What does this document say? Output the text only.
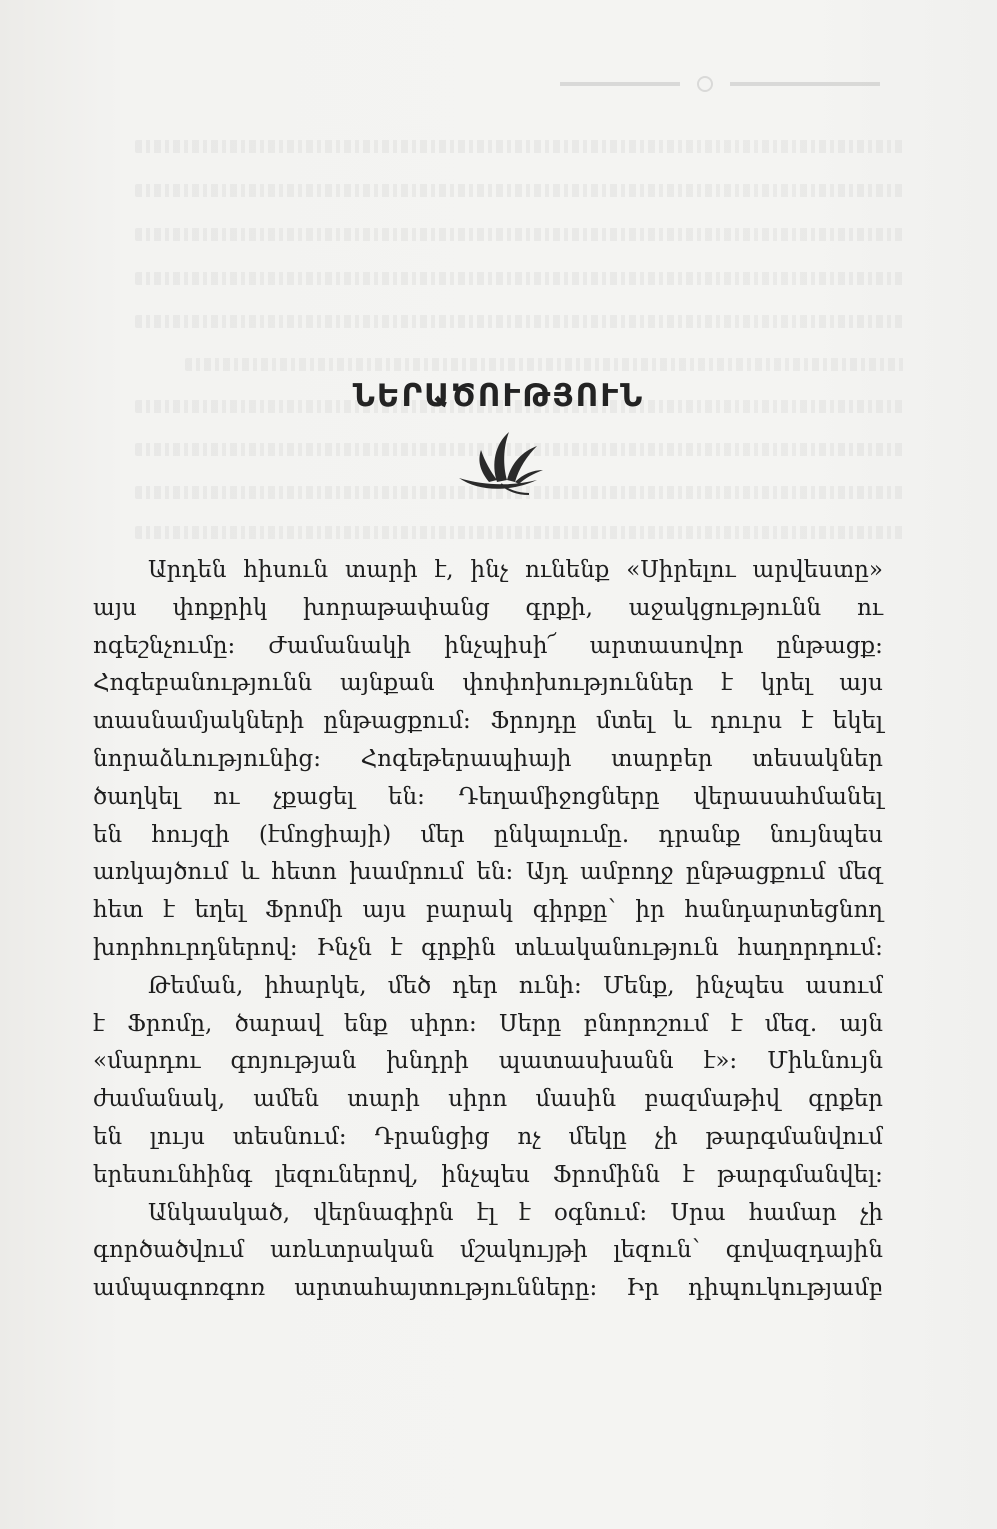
ՆԵՐԱԾՈՒԹՅՈՒՆ
Արդեն հիսուն տարի է, ինչ ունենք «Սիրելու արվեստը»
այս փոքրիկ խորաթափանց գրքի, աջակցությունն ու
ոգեշնչումը։ Ժամանակի ինչպիսի՜ արտասովոր ընթացք։
Հոգեբանությունն այնքան փոփոխություններ է կրել այս
տասնամյակների ընթացքում։ Ֆրոյդը մտել և դուրս է եկել
նորաձևությունից։ Հոգեթերապիայի տարբեր տեսակներ
ծաղկել ու չքացել են։ Դեղամիջոցները վերասահմանել
են հույզի (էմոցիայի) մեր ընկալումը. դրանք նույնպես
առկայծում և հետո խամրում են։ Այդ ամբողջ ընթացքում մեզ
հետ է եղել Ֆրոմի այս բարակ գիրքը՝ իր հանդարտեցնող
խորհուրդներով։ Ինչն է գրքին տևականություն հաղորդում։
Թեման, իհարկե, մեծ դեր ունի։ Մենք, ինչպես ասում
է Ֆրոմը, ծարավ ենք սիրո։ Սերը բնորոշում է մեզ. այն
«մարդու գոյության խնդրի պատասխանն է»։ Միևնույն
ժամանակ, ամեն տարի սիրո մասին բազմաթիվ գրքեր
են լույս տեսնում։ Դրանցից ոչ մեկը չի թարգմանվում
երեսունհինգ լեզուներով, ինչպես Ֆրոմինն է թարգմանվել։
Անկասկած, վերնագիրն էլ է օգնում։ Սրա համար չի
գործածվում առևտրական մշակույթի լեզուն՝ գովազդային
ամպագոռգոռ արտահայտությունները։ Իր դիպուկությամբ
